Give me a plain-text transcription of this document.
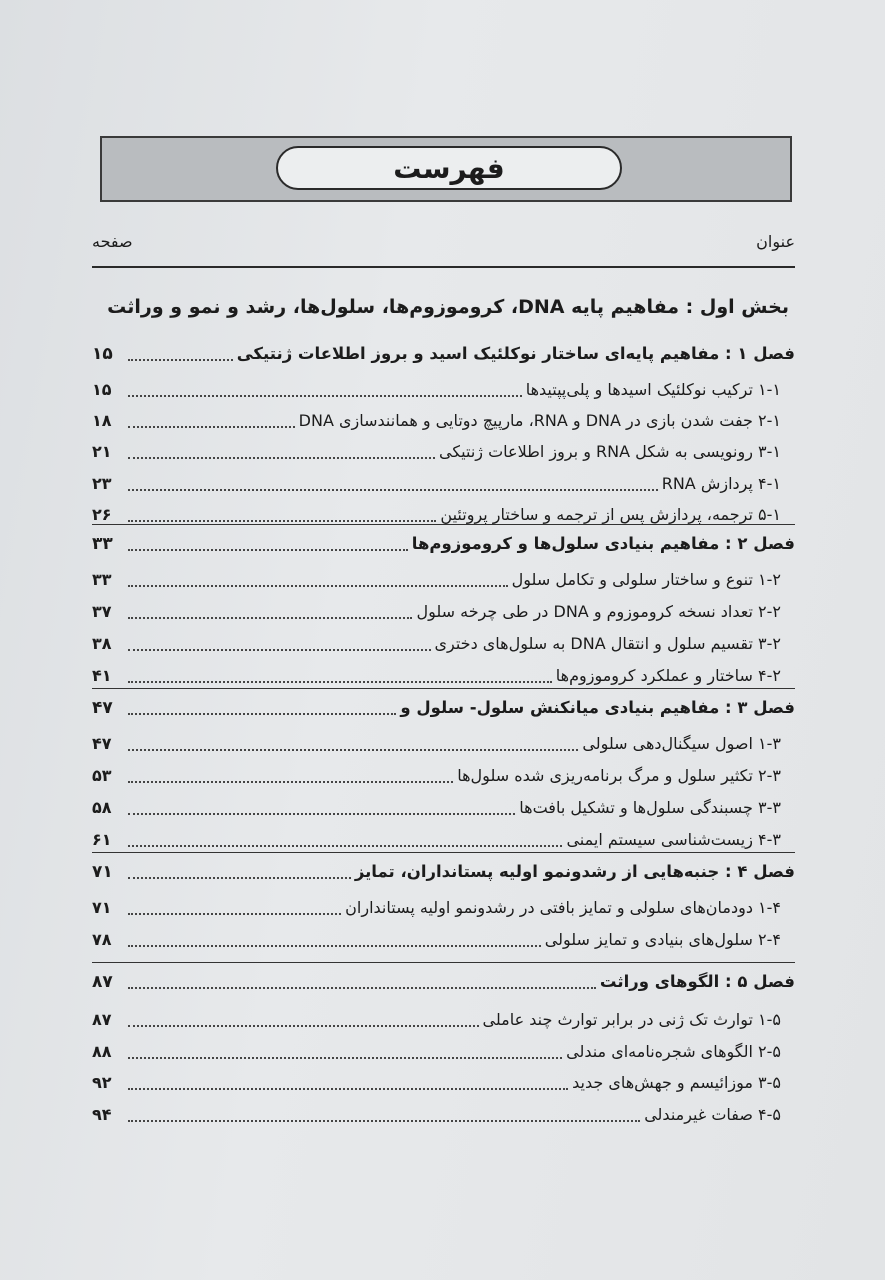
فهرست
عنوان
صفحه
بخش اول : مفاهیم پایه DNA، کروموزوم‌ها، سلول‌ها، رشد و نمو و وراثت
فصل ۱ : مفاهیم پایه‌ای ساختار نوکلئیک اسید و بروز اطلاعات ژنتیکی
۱۵
۱-۱ ترکیب نوکلئیک اسیدها و پلی‌پپتیدها
۱۵
۲-۱ جفت شدن بازی در DNA و RNA، مارپیچ دوتایی و همانندسازی DNA
۱۸
۳-۱ رونویسی به شکل RNA و بروز اطلاعات ژنتیکی
۲۱
۴-۱ پردازش RNA
۲۳
۵-۱ ترجمه، پردازش پس از ترجمه و ساختار پروتئین
۲۶
فصل ۲ : مفاهیم بنیادی سلول‌ها و کروموزوم‌ها
۳۳
۱-۲ تنوع و ساختار سلولی و تکامل سلول
۳۳
۲-۲ تعداد نسخه کروموزوم و DNA در طی چرخه سلول
۳۷
۳-۲ تقسیم سلول و انتقال DNA به سلول‌های دختری
۳۸
۴-۲ ساختار و عملکرد کروموزوم‌ها
۴۱
فصل ۳ : مفاهیم بنیادی میانکنش سلول- سلول و
۴۷
۱-۳ اصول سیگنال‌دهی سلولی
۴۷
۲-۳ تکثیر سلول و مرگ برنامه‌ریزی شده سلول‌ها
۵۳
۳-۳ چسبندگی سلول‌ها و تشکیل بافت‌ها
۵۸
۴-۳ زیست‌شناسی سیستم ایمنی
۶۱
فصل ۴ : جنبه‌هایی از رشدونمو اولیه پستانداران، تمایز
۷۱
۱-۴ دودمان‌های سلولی و تمایز بافتی در رشدونمو اولیه پستانداران
۷۱
۲-۴ سلول‌های بنیادی و تمایز سلولی
۷۸
فصل ۵ : الگوهای وراثت
۸۷
۱-۵ توارث تک ژنی در برابر توارث چند عاملی
۸۷
۲-۵ الگوهای شجره‌نامه‌ای مندلی
۸۸
۳-۵ موزائیسم و جهش‌های جدید
۹۲
۴-۵ صفات غیرمندلی
۹۴
